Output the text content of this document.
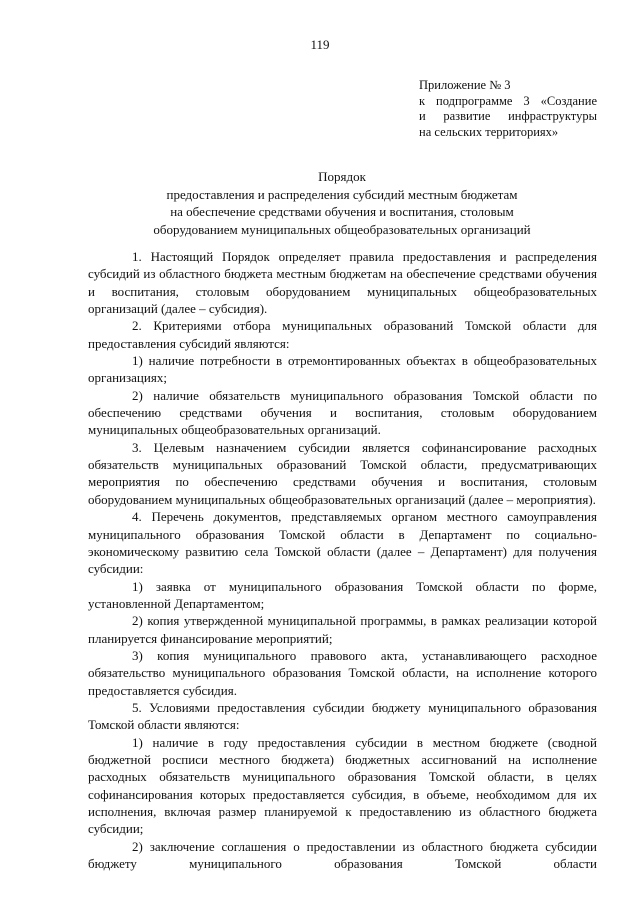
119
Приложение № 3
к подпрограмме 3 «Создание
и развитие инфраструктуры
на сельских территориях»
Порядок
предоставления и распределения субсидий местным бюджетам
на обеспечение средствами обучения и воспитания, столовым
оборудованием муниципальных общеобразовательных организаций

1. Настоящий Порядок определяет правила предоставления и распределения субсидий из областного бюджета местным бюджетам на обеспечение средствами обучения и воспитания, столовым оборудованием муниципальных общеобразовательных организаций (далее – субсидия).

2. Критериями отбора муниципальных образований Томской области для предоставления субсидий являются:

1) наличие потребности в отремонтированных объектах в общеобразовательных организациях;

2) наличие обязательств муниципального образования Томской области по обеспечению средствами обучения и воспитания, столовым оборудованием муниципальных общеобразовательных организаций.

3. Целевым назначением субсидии является софинансирование расходных обязательств муниципальных образований Томской области, предусматривающих мероприятия по обеспечению средствами обучения и воспитания, столовым оборудованием муниципальных общеобразовательных организаций (далее – мероприятия).

4. Перечень документов, представляемых органом местного самоуправления муниципального образования Томской области в Департамент по социально-экономическому развитию села Томской области (далее – Департамент) для получения субсидии:

1) заявка от муниципального образования Томской области по форме, установленной Департаментом;

2) копия утвержденной муниципальной программы, в рамках реализации которой планируется финансирование мероприятий;

3) копия муниципального правового акта, устанавливающего расходное обязательство муниципального образования Томской области, на исполнение которого предоставляется субсидия.

5. Условиями предоставления субсидии бюджету муниципального образования Томской области являются:

1) наличие в году предоставления субсидии в местном бюджете (сводной бюджетной росписи местного бюджета) бюджетных ассигнований на исполнение расходных обязательств муниципального образования Томской области, в целях софинансирования которых предоставляется субсидия, в объеме, необходимом для их исполнения, включая размер планируемой к предоставлению из областного бюджета субсидии;

2) заключение соглашения о предоставлении из областного бюджета субсидии бюджету муниципального образования Томской области
